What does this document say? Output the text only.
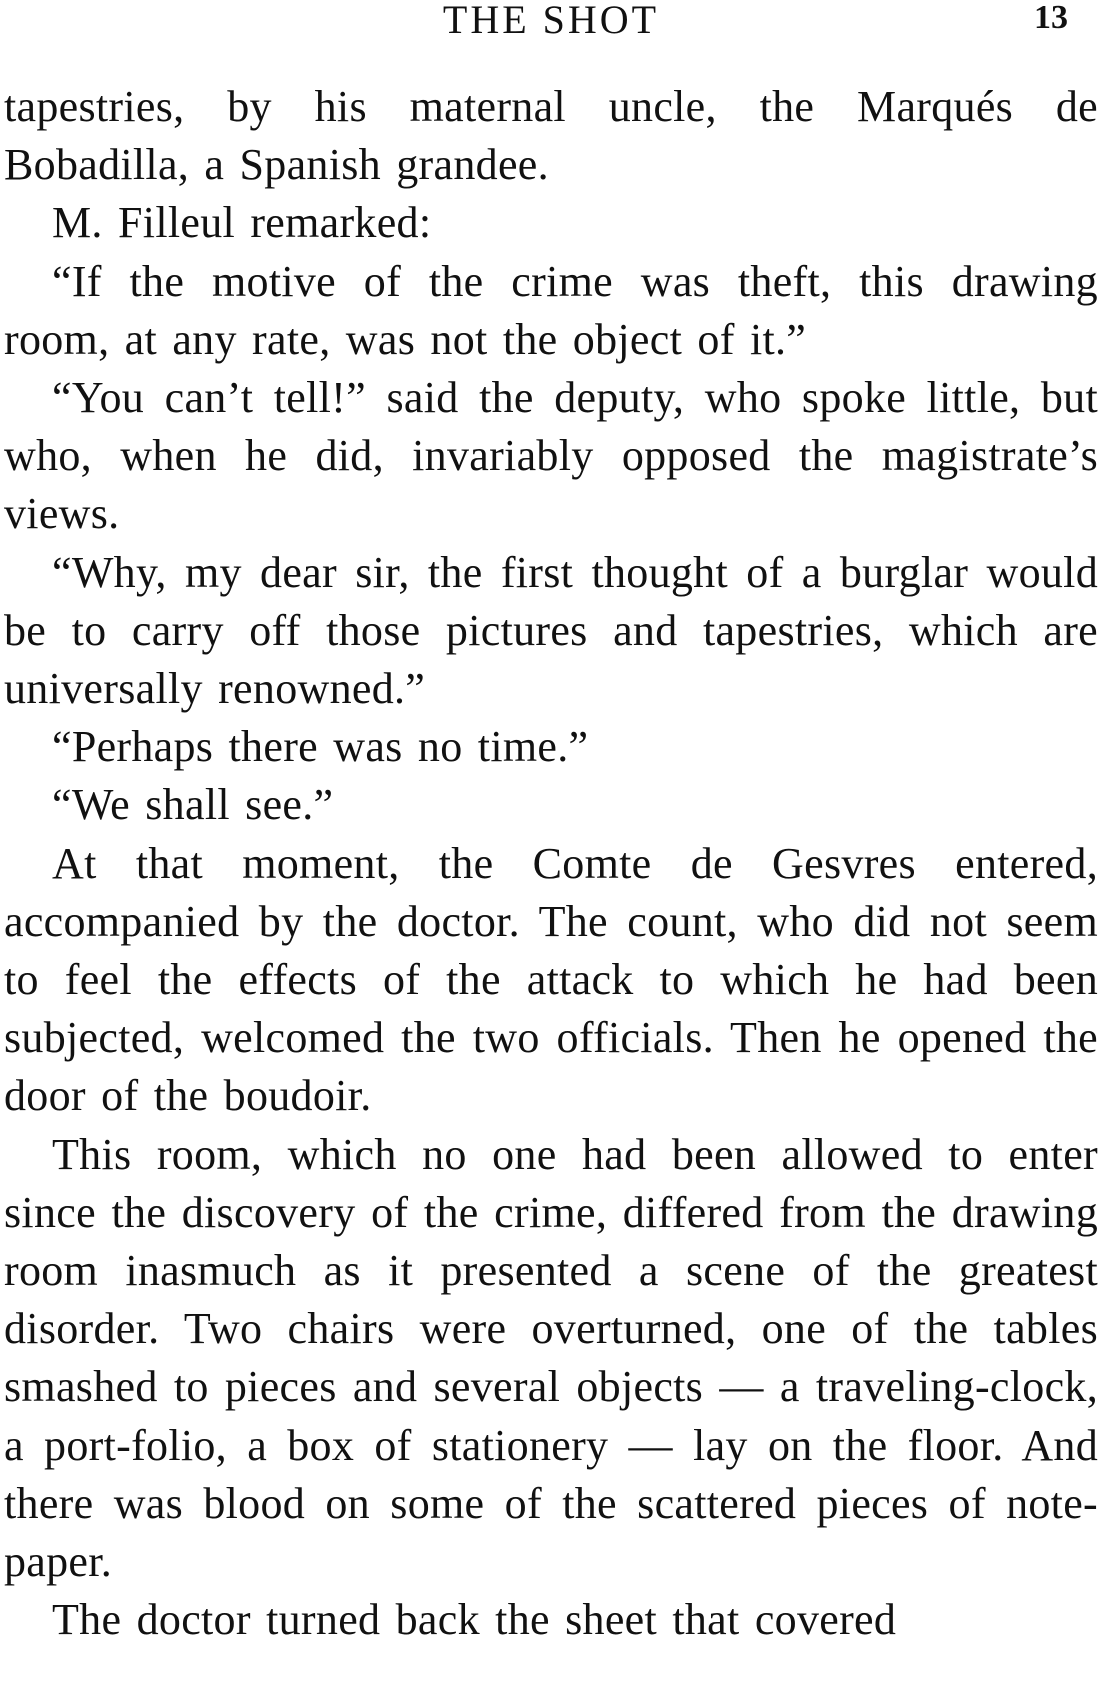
THE SHOT	13

tapestries, by his maternal uncle, the Marqués de Bobadilla, a Spanish grandee.

M. Filleul remarked:

“If the motive of the crime was theft, this drawing room, at any rate, was not the object of it.”

“You can’t tell!” said the deputy, who spoke little, but who, when he did, invariably opposed the magistrate’s views.

“Why, my dear sir, the first thought of a burglar would be to carry off those pictures and tapestries, which are universally renowned.”

“Perhaps there was no time.”

“We shall see.”

At that moment, the Comte de Gesvres entered, accompanied by the doctor. The count, who did not seem to feel the effects of the attack to which he had been subjected, welcomed the two officials. Then he opened the door of the boudoir.

This room, which no one had been allowed to enter since the discovery of the crime, differed from the drawing room inasmuch as it presented a scene of the greatest disorder. Two chairs were overturned, one of the tables smashed to pieces and several objects — a traveling-clock, a port-folio, a box of stationery — lay on the floor. And there was blood on some of the scattered pieces of note-paper.

The doctor turned back the sheet that covered
